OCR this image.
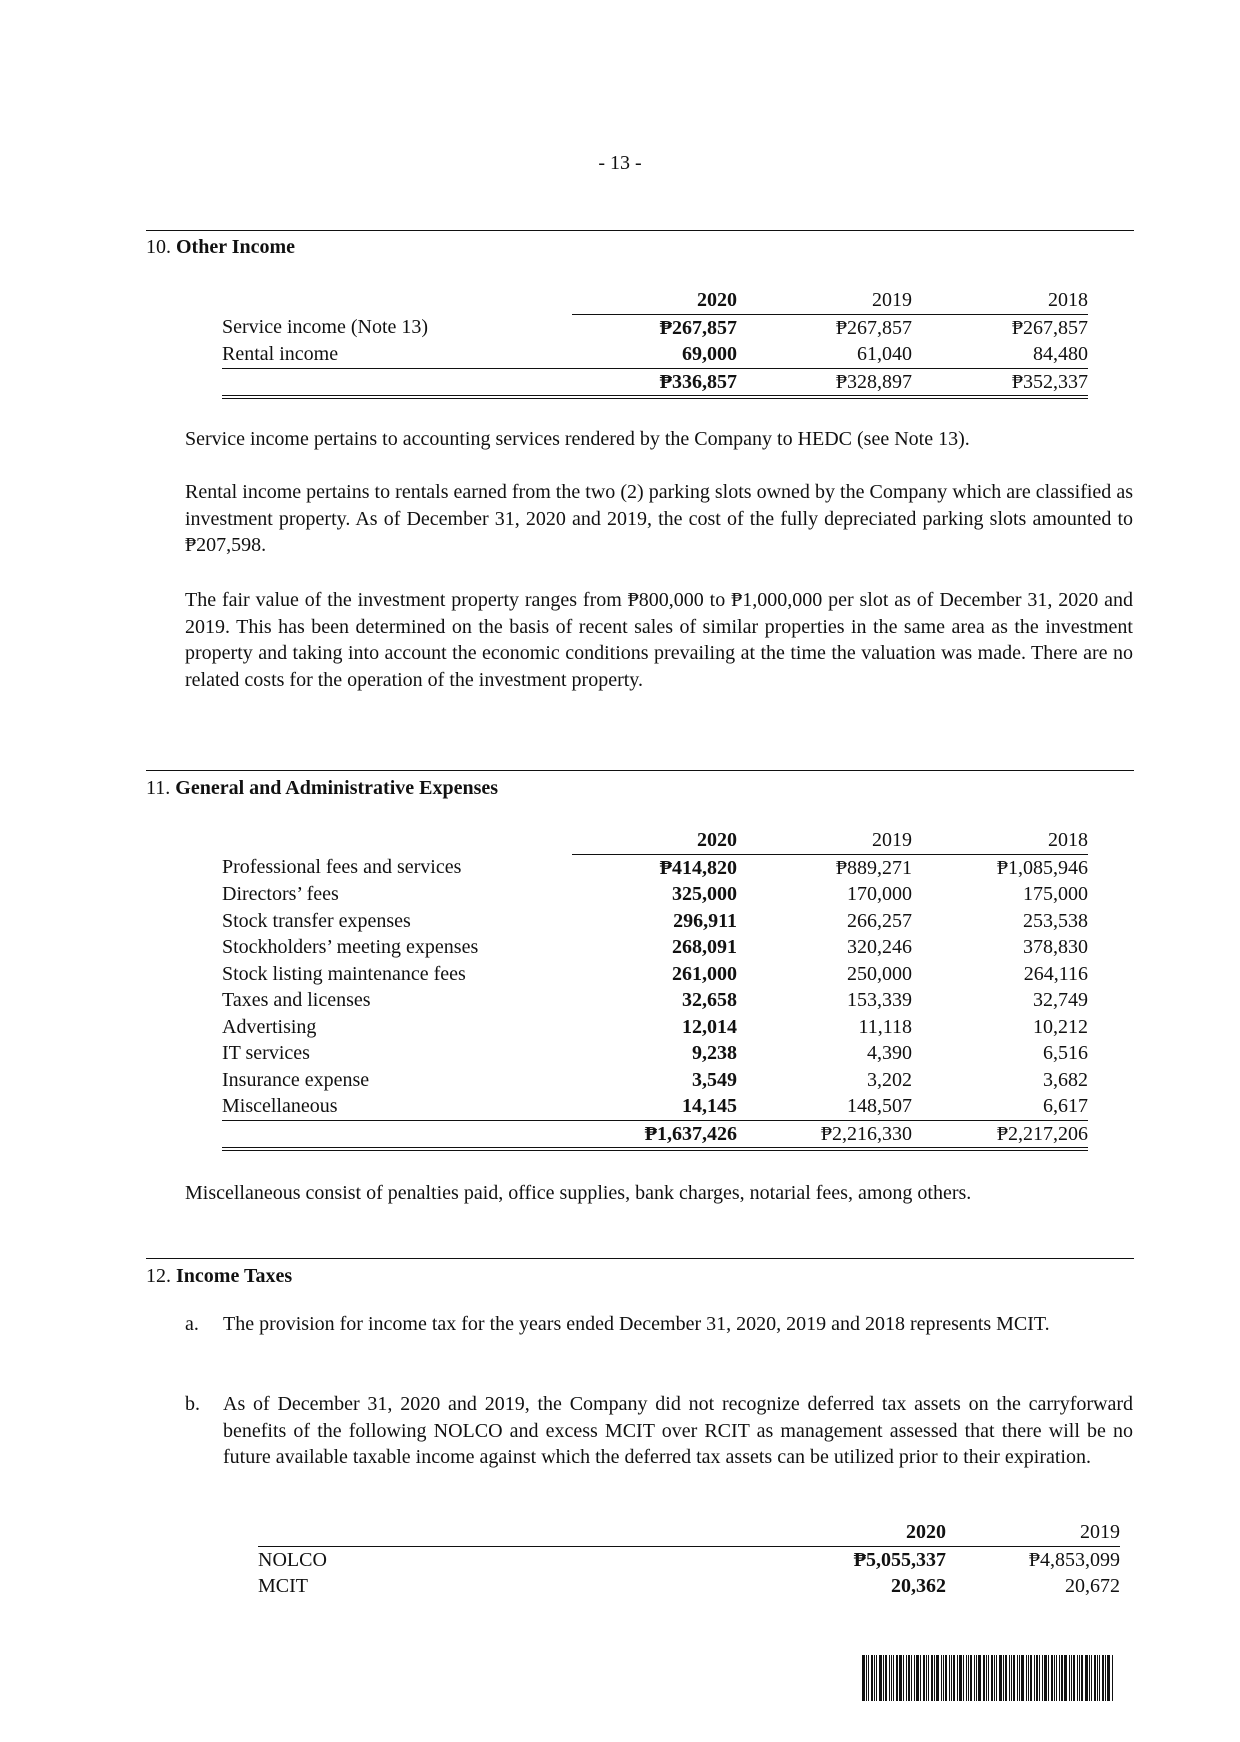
- 13 -
10. Other Income
	2020	2019	2018
Service income (Note 13)	₱267,857	₱267,857	₱267,857
Rental income	69,000	61,040	84,480
	₱336,857	₱328,897	₱352,337
Service income pertains to accounting services rendered by the Company to HEDC (see Note 13).
Rental income pertains to rentals earned from the two (2) parking slots owned by the Company which are classified as investment property. As of December 31, 2020 and 2019, the cost of the fully depreciated parking slots amounted to ₱207,598.
The fair value of the investment property ranges from ₱800,000 to ₱1,000,000 per slot as of December 31, 2020 and 2019. This has been determined on the basis of recent sales of similar properties in the same area as the investment property and taking into account the economic conditions prevailing at the time the valuation was made. There are no related costs for the operation of the investment property.
11. General and Administrative Expenses
	2020	2019	2018
Professional fees and services	₱414,820	₱889,271	₱1,085,946
Directors’ fees	325,000	170,000	175,000
Stock transfer expenses	296,911	266,257	253,538
Stockholders’ meeting expenses	268,091	320,246	378,830
Stock listing maintenance fees	261,000	250,000	264,116
Taxes and licenses	32,658	153,339	32,749
Advertising	12,014	11,118	10,212
IT services	9,238	4,390	6,516
Insurance expense	3,549	3,202	3,682
Miscellaneous	14,145	148,507	6,617
	₱1,637,426	₱2,216,330	₱2,217,206
Miscellaneous consist of penalties paid, office supplies, bank charges, notarial fees, among others.
12. Income Taxes
a. The provision for income tax for the years ended December 31, 2020, 2019 and 2018 represents MCIT.
b. As of December 31, 2020 and 2019, the Company did not recognize deferred tax assets on the carryforward benefits of the following NOLCO and excess MCIT over RCIT as management assessed that there will be no future available taxable income against which the deferred tax assets can be utilized prior to their expiration.
	2020	2019
NOLCO	₱5,055,337	₱4,853,099
MCIT	20,362	20,672
